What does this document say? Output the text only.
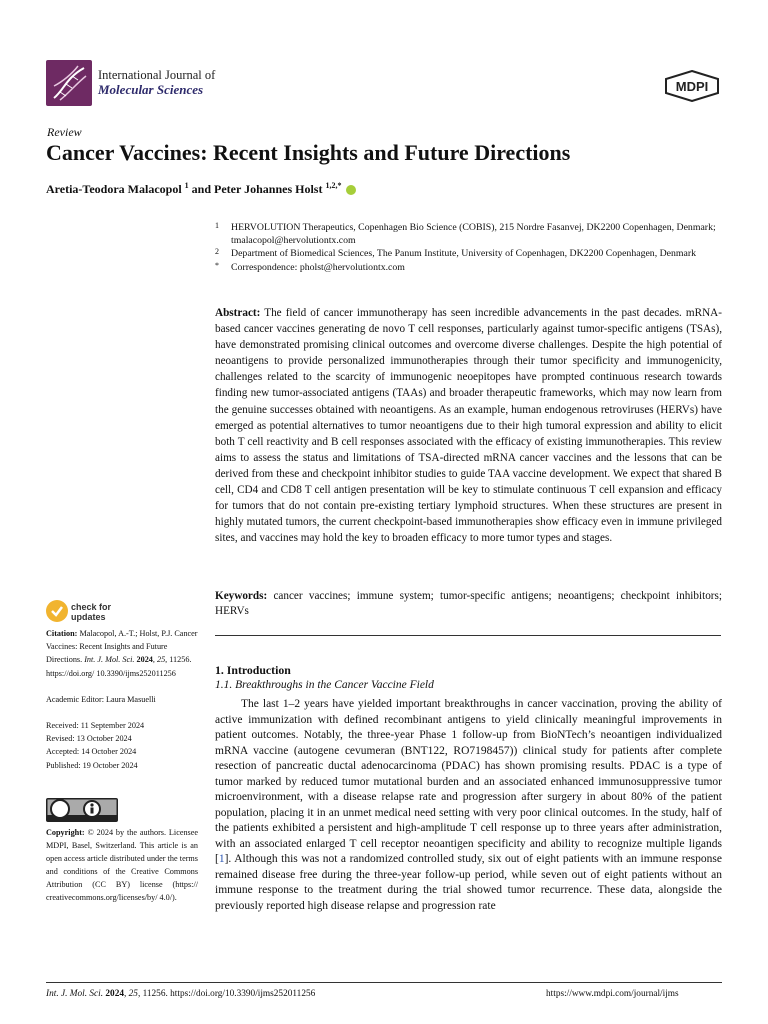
International Journal of
Molecular Sciences	MDPI
Review
Cancer Vaccines: Recent Insights and Future Directions
Aretia-Teodora Malacopol $^1$ and Peter Johannes Holst $^{1,2,*}$
1 HERVOLUTION Therapeutics, Copenhagen Bio Science (COBIS), 215 Nordre Fasanvej, DK2200 Copenhagen, Denmark; tmalacopol@hervolutiontx.com
2 Department of Biomedical Sciences, The Panum Institute, University of Copenhagen, DK2200 Copenhagen, Denmark
* Correspondence: pholst@hervolutiontx.com
Abstract: The field of cancer immunotherapy has seen incredible advancements in the past decades. mRNA-based cancer vaccines generating de novo T cell responses, particularly against tumor-specific antigens (TSAs), have demonstrated promising clinical outcomes and overcome diverse challenges. Despite the high potential of neoantigens to provide personalized immunotherapies through their tumor specificity and immunogenicity, challenges related to the scarcity of immunogenic neoepitopes have prompted continuous research towards finding new tumor-associated antigens (TAAs) and broader therapeutic frameworks, which may now learn from the genuine successes obtained with neoantigens. As an example, human endogenous retroviruses (HERVs) have emerged as potential alternatives to tumor neoantigens due to their high tumoral expression and ability to elicit both T cell reactivity and B cell responses associated with the efficacy of existing immunotherapies. This review aims to assess the status and limitations of TSA-directed mRNA cancer vaccines and the lessons that can be derived from these and checkpoint inhibitor studies to guide TAA vaccine development. We expect that shared B cell, CD4 and CD8 T cell antigen presentation will be key to stimulate continuous T cell expansion and efficacy for tumors that do not contain pre-existing tertiary lymphoid structures. When these structures are present in highly mutated tumors, the current checkpoint-based immunotherapies show efficacy even in immune privileged sites, and vaccines may hold the key to broaden efficacy to more tumor types and stages.
Keywords: cancer vaccines; immune system; tumor-specific antigens; neoantigens; checkpoint inhibitors; HERVs
check for
updates

Citation: Malacopol, A.-T.; Holst, P.J. Cancer Vaccines: Recent Insights and Future Directions. Int. J. Mol. Sci. 2024, 25, 11256. https://doi.org/ 10.3390/ijms252011256

Academic Editor: Laura Masuelli

Received: 11 September 2024

Revised: 13 October 2024

Accepted: 14 October 2024

Published: 19 October 2024

Copyright: © 2024 by the authors. Licensee MDPI, Basel, Switzerland. This article is an open access article distributed under the terms and conditions of the Creative Commons Attribution (CC BY) license (https:// creativecommons.org/licenses/by/ 4.0/).
1. Introduction
1.1. Breakthroughs in the Cancer Vaccine Field
The last 1–2 years have yielded important breakthroughs in cancer vaccination, proving the ability of active immunization with defined recombinant antigens to yield clinically meaningful improvements in patient outcomes. Notably, the three-year Phase 1 follow-up from BioNTech’s neoantigen individualized mRNA vaccine (autogene cevumeran (BNT122, RO7198457)) clinical study for patients after complete resection of pancreatic ductal adenocarcinoma (PDAC) has shown promising results. PDAC is a type of tumor marked by reduced tumor mutational burden and an associated enhanced immunosuppressive tumor microenvironment, with a disease relapse rate and progression after surgery in about 80% of the patient population, placing it in an unmet medical need setting with very poor clinical outcomes. In the study, half of the patients exhibited a persistent and high-amplitude T cell response up to three years after administration, with an associated enlarged T cell receptor neoantigen specificity and ability to recognize multiple ligands [1]. Although this was not a randomized controlled study, six out of eight patients with an immune response remained disease free during the three-year follow-up period, while seven out of eight patients without an immune response to the treatment during the trial showed tumor recurrence. These data, alongside the previously reported high disease relapse and progression rate
Int. J. Mol. Sci. 2024, 25, 11256. https://doi.org/10.3390/ijms252011256	https://www.mdpi.com/journal/ijms
